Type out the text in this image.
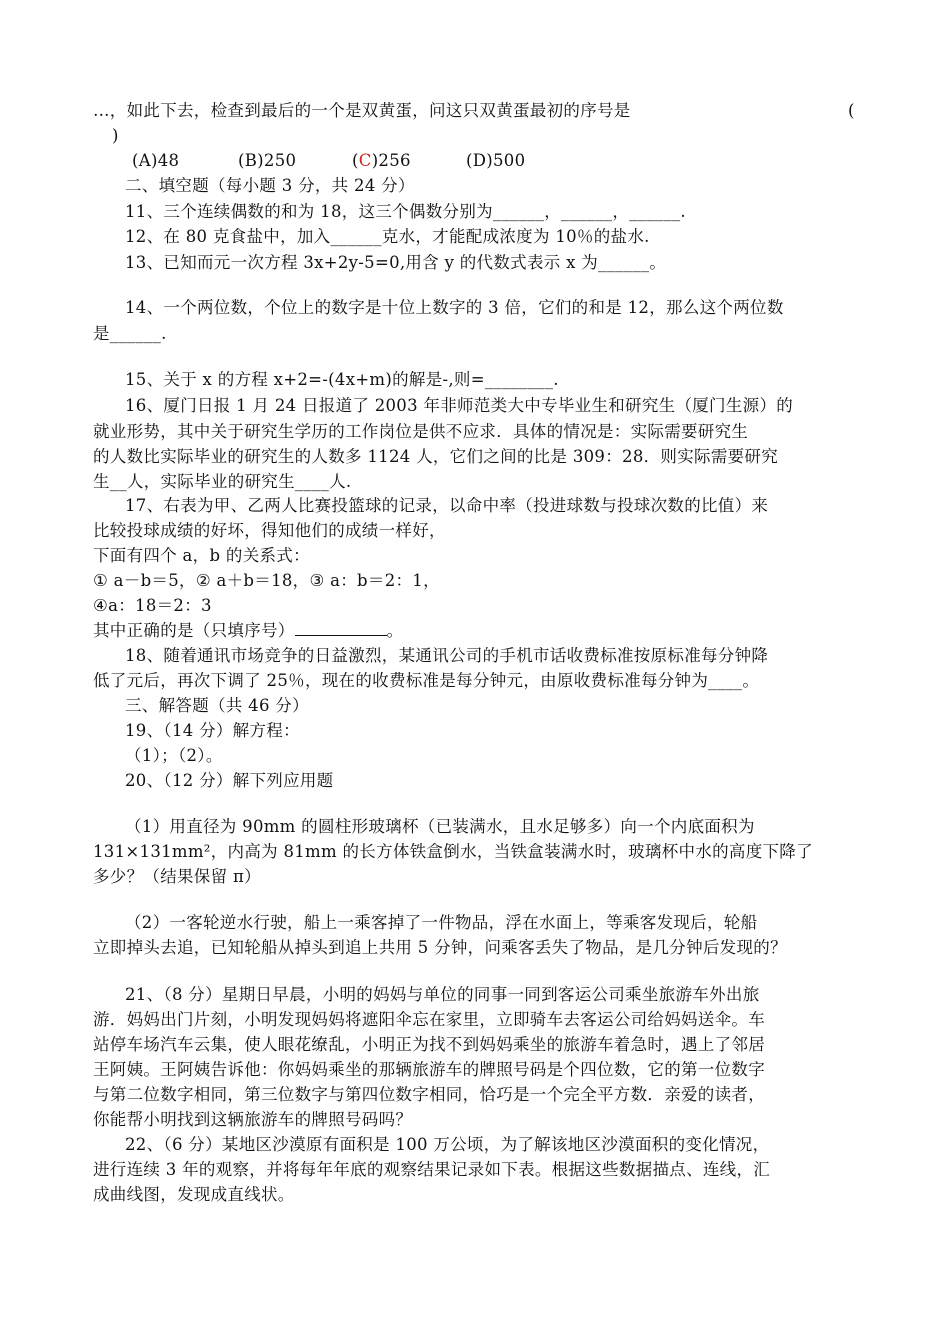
…，如此下去，检查到最后的一个是双黄蛋，问这只双黄蛋最初的序号是	(
)
(A)48	(B)250	(C)256	(D)500
二、填空题（每小题 3 分，共 24 分）
11、三个连续偶数的和为 18，这三个偶数分别为______，______，______.
12、在 80 克食盐中，加入______克水，才能配成浓度为 10％的盐水.
13、已知而元一次方程 3x+2y-5=0,用含 y 的代数式表示 x 为______。
14、一个两位数，个位上的数字是十位上数字的 3 倍，它们的和是 12，那么这个两位数
是______.
15、关于 x 的方程 x+2=-(4x+m)的解是-,则=________.
16、厦门日报 1 月 24 日报道了 2003 年非师范类大中专毕业生和研究生（厦门生源）的
就业形势，其中关于研究生学历的工作岗位是供不应求．具体的情况是：实际需要研究生
的人数比实际毕业的研究生的人数多 1124 人，它们之间的比是 309：28．则实际需要研究
生__人，实际毕业的研究生____人.
17、右表为甲、乙两人比赛投篮球的记录，以命中率（投进球数与投球次数的比值）来
比较投球成绩的好坏，得知他们的成绩一样好，
下面有四个 a，b 的关系式：
① a－b＝5，② a＋b＝18，③ a：b＝2：1，
④a：18＝2：3
其中正确的是（只填序号）	。
18、随着通讯市场竞争的日益激烈，某通讯公司的手机市话收费标准按原标准每分钟降
低了元后，再次下调了 25％，现在的收费标准是每分钟元，由原收费标准每分钟为____。
三、解答题（共 46 分）
19、（14 分）解方程：
（1）；（2）。
20、（12 分）解下列应用题
（1）用直径为 90mm 的圆柱形玻璃杯（已装满水，且水足够多）向一个内底面积为
131×131mm²，内高为 81mm 的长方体铁盒倒水，当铁盒装满水时，玻璃杯中水的高度下降了
多少？（结果保留 π）
（2）一客轮逆水行驶，船上一乘客掉了一件物品，浮在水面上，等乘客发现后，轮船
立即掉头去追，已知轮船从掉头到追上共用 5 分钟，问乘客丢失了物品，是几分钟后发现的？
21、（8 分）星期日早晨，小明的妈妈与单位的同事一同到客运公司乘坐旅游车外出旅
游．妈妈出门片刻，小明发现妈妈将遮阳伞忘在家里，立即骑车去客运公司给妈妈送伞。车
站停车场汽车云集，使人眼花缭乱，小明正为找不到妈妈乘坐的旅游车着急时，遇上了邻居
王阿姨。王阿姨告诉他：你妈妈乘坐的那辆旅游车的牌照号码是个四位数，它的第一位数字
与第二位数字相同，第三位数字与第四位数字相同，恰巧是一个完全平方数．亲爱的读者，
你能帮小明找到这辆旅游车的牌照号码吗？
22、（6 分）某地区沙漠原有面积是 100 万公顷，为了解该地区沙漠面积的变化情况，
进行连续 3 年的观察，并将每年年底的观察结果记录如下表。根据这些数据描点、连线，汇
成曲线图，发现成直线状。
